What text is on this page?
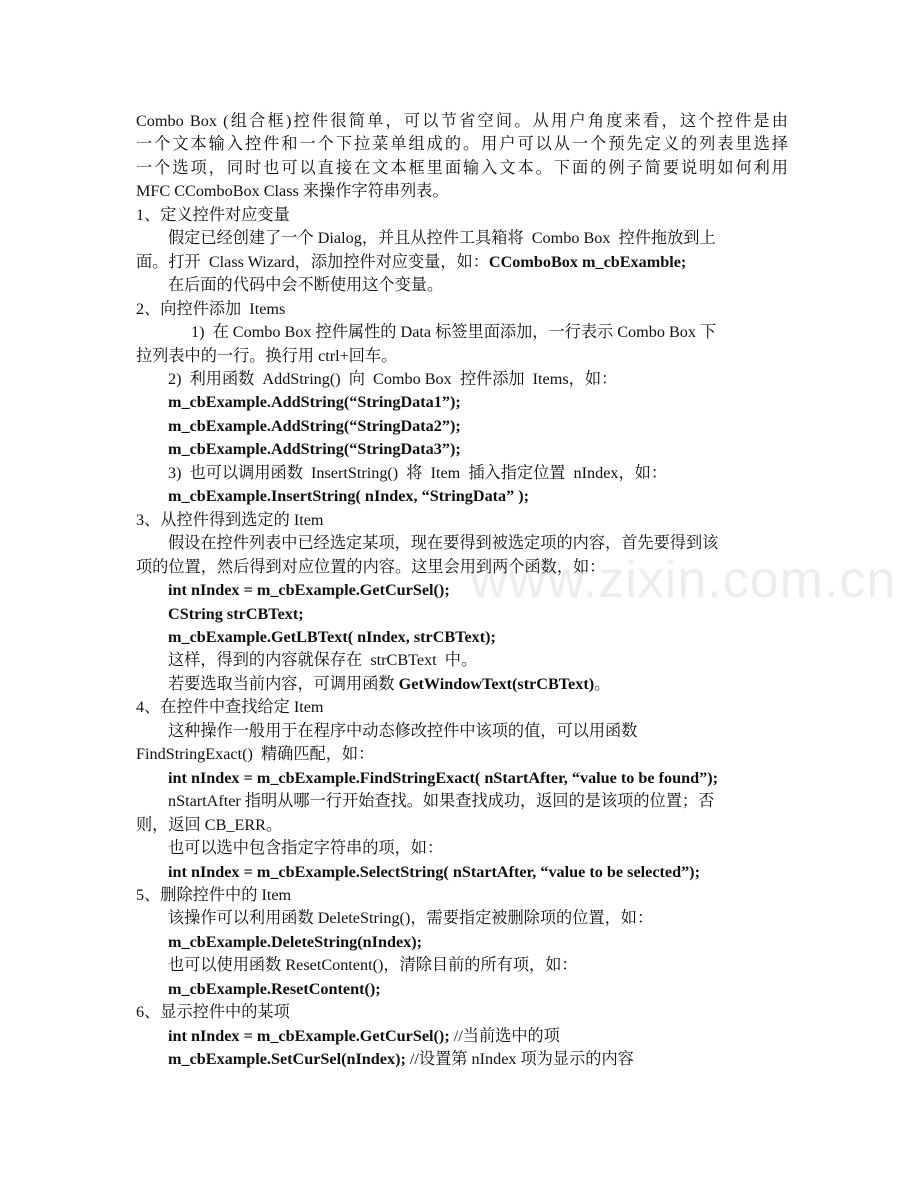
www.zixin.com.cn

Combo Box (组合框)控件很简单，可以节省空间。从用户角度来看，这个控件是由

一个文本输入控件和一个下拉菜单组成的。用户可以从一个预先定义的列表里选择

一个选项，同时也可以直接在文本框里面输入文本。下面的例子简要说明如何利用

MFC CComboBox Class 来操作字符串列表。

1、定义控件对应变量

假定已经创建了一个 Dialog，并且从控件工具箱将  Combo Box  控件拖放到上

面。打开  Class Wizard，添加控件对应变量，如：CComboBox m_cbExamble;

在后面的代码中会不断使用这个变量。

2、向控件添加  Items

1)  在 Combo Box 控件属性的 Data 标签里面添加，一行表示 Combo Box 下

拉列表中的一行。换行用 ctrl+回车。

2)  利用函数  AddString()  向  Combo Box  控件添加  Items，如：

m_cbExample.AddString(“StringData1”);

m_cbExample.AddString(“StringData2”);

m_cbExample.AddString(“StringData3”);

3)  也可以调用函数  InsertString()  将  Item  插入指定位置  nIndex，如：

m_cbExample.InsertString( nIndex, “StringData” );

3、从控件得到选定的 Item

假设在控件列表中已经选定某项，现在要得到被选定项的内容，首先要得到该

项的位置，然后得到对应位置的内容。这里会用到两个函数，如：

int nIndex = m_cbExample.GetCurSel();

CString strCBText;

m_cbExample.GetLBText( nIndex, strCBText);

这样，得到的内容就保存在  strCBText  中。

若要选取当前内容，可调用函数 GetWindowText(strCBText)。

4、在控件中查找给定 Item

这种操作一般用于在程序中动态修改控件中该项的值，可以用函数

FindStringExact()  精确匹配，如：

int nIndex = m_cbExample.FindStringExact( nStartAfter, “value to be found”);

nStartAfter 指明从哪一行开始查找。如果查找成功，返回的是该项的位置；否

则，返回 CB_ERR。

也可以选中包含指定字符串的项，如：

int nIndex = m_cbExample.SelectString( nStartAfter, “value to be selected”);

5、删除控件中的 Item

该操作可以利用函数 DeleteString()，需要指定被删除项的位置，如：

m_cbExample.DeleteString(nIndex);

也可以使用函数 ResetContent()，清除目前的所有项，如：

m_cbExample.ResetContent();

6、显示控件中的某项

int nIndex = m_cbExample.GetCurSel(); //当前选中的项

m_cbExample.SetCurSel(nIndex); //设置第 nIndex 项为显示的内容
